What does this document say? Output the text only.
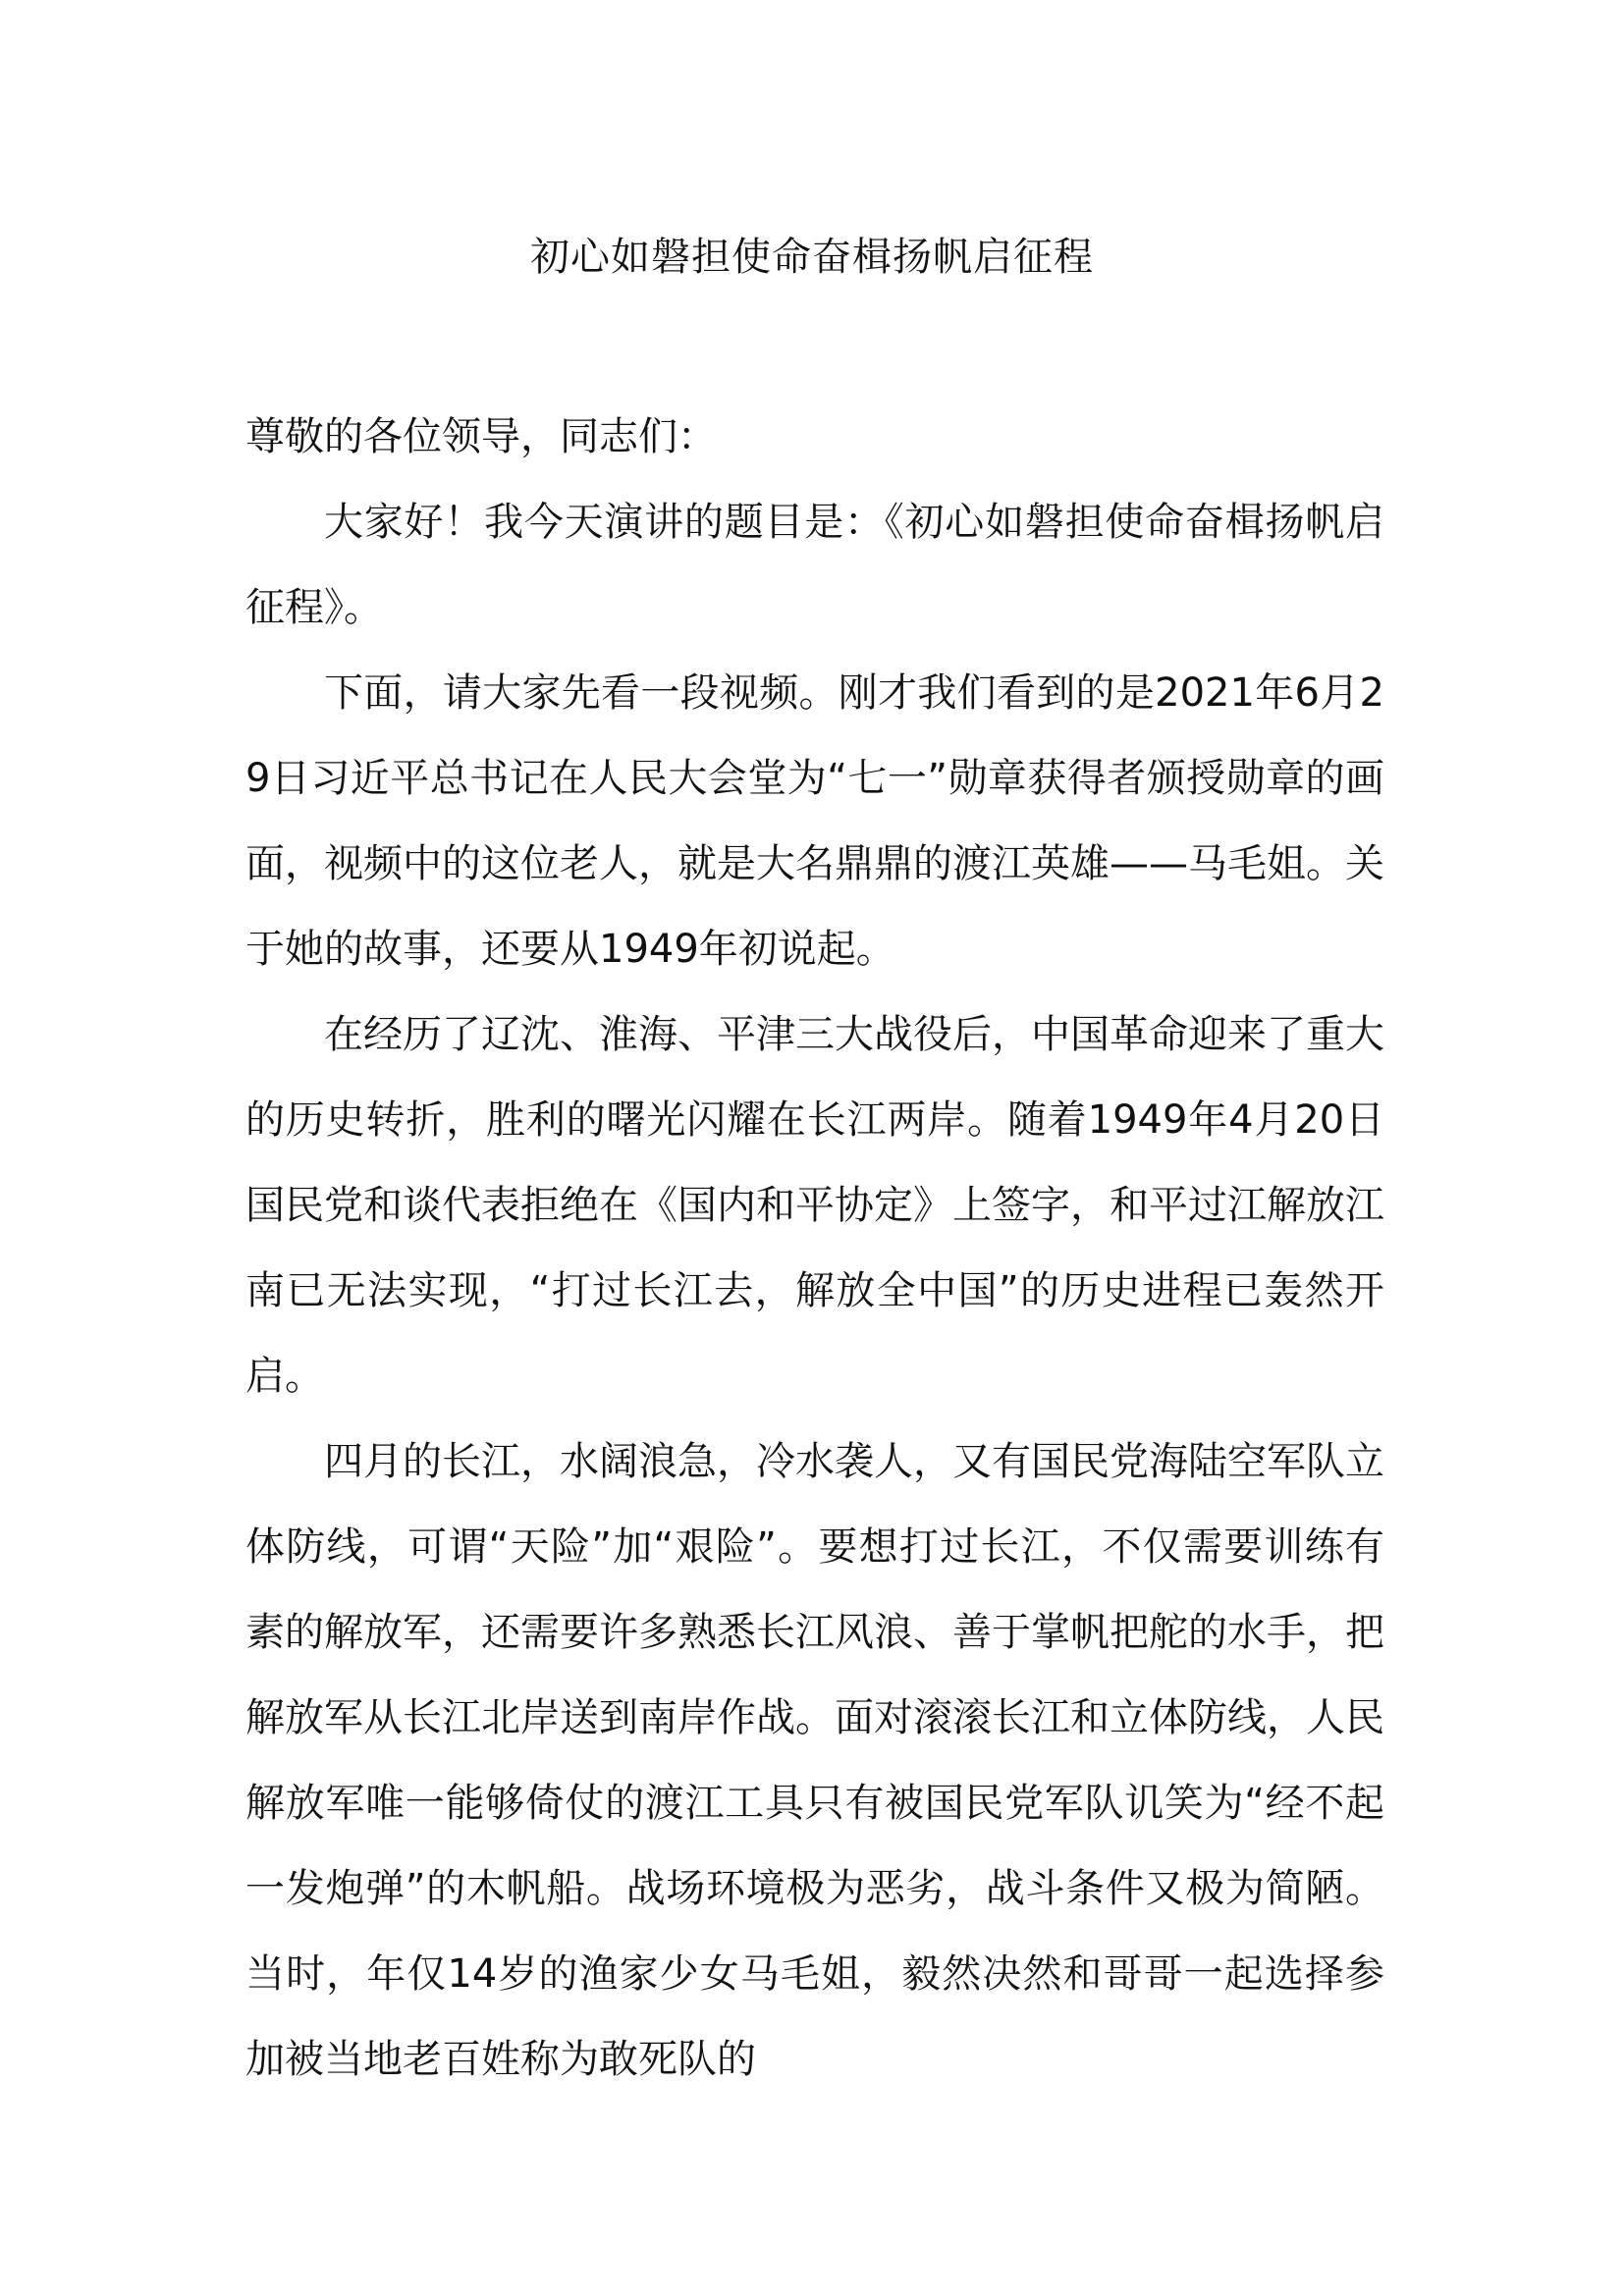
初心如磐担使命奋楫扬帆启征程

尊敬的各位领导，同志们：

大家好！我今天演讲的题目是：《初心如磐担使命奋楫扬帆启征程》。

下面，请大家先看一段视频。刚才我们看到的是2021年6月29日习近平总书记在人民大会堂为“七一”勋章获得者颁授勋章的画面，视频中的这位老人，就是大名鼎鼎的渡江英雄——马毛姐。关于她的故事，还要从1949年初说起。

在经历了辽沈、淮海、平津三大战役后，中国革命迎来了重大的历史转折，胜利的曙光闪耀在长江两岸。随着1949年4月20日国民党和谈代表拒绝在《国内和平协定》上签字，和平过江解放江南已无法实现，“打过长江去，解放全中国”的历史进程已轰然开启。

四月的长江，水阔浪急，冷水袭人，又有国民党海陆空军队立体防线，可谓“天险”加“艰险”。要想打过长江，不仅需要训练有素的解放军，还需要许多熟悉长江风浪、善于掌帆把舵的水手，把解放军从长江北岸送到南岸作战。面对滚滚长江和立体防线，人民解放军唯一能够倚仗的渡江工具只有被国民党军队讥笑为“经不起一发炮弹”的木帆船。战场环境极为恶劣，战斗条件又极为简陋。当时，年仅14岁的渔家少女马毛姐，毅然决然和哥哥一起选择参加被当地老百姓称为敢死队的
